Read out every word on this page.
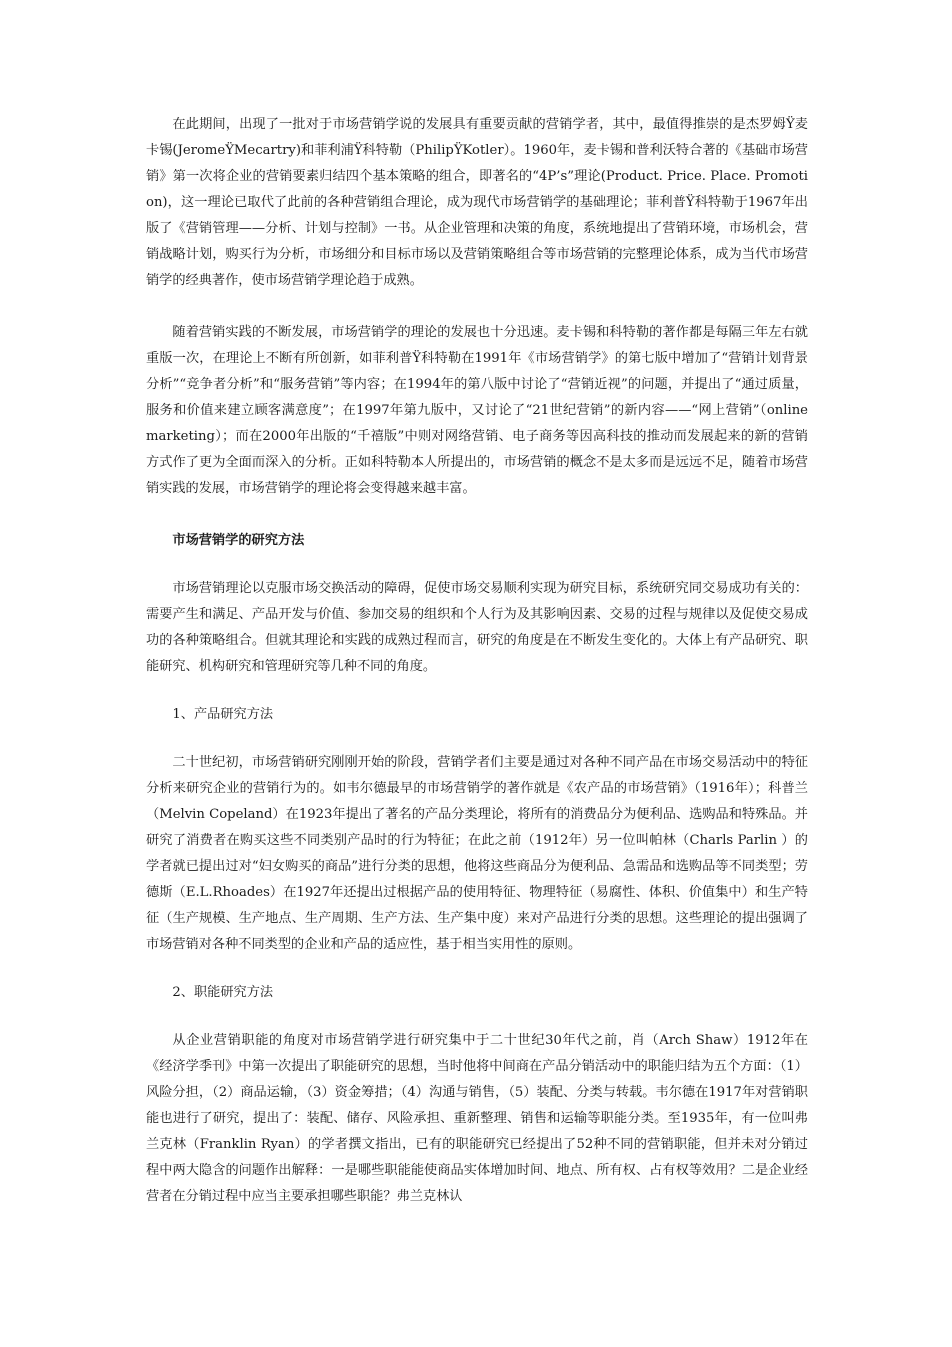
在此期间，出现了一批对于市场营销学说的发展具有重要贡献的营销学者，其中，最值得推崇的是杰罗姆Ÿ麦卡锡(JeromeŸMecartry)和菲利浦Ÿ科特勒（PhilipŸKotler）。1960年，麦卡锡和普利沃特合著的《基础市场营销》第一次将企业的营销要素归结四个基本策略的组合，即著名的“4P’s”理论(Product. Price. Place. Promotion)，这一理论已取代了此前的各种营销组合理论，成为现代市场营销学的基础理论；菲利普Ÿ科特勒于1967年出版了《营销管理——分析、计划与控制》一书。从企业管理和决策的角度，系统地提出了营销环境，市场机会，营销战略计划，购买行为分析，市场细分和目标市场以及营销策略组合等市场营销的完整理论体系，成为当代市场营销学的经典著作，使市场营销学理论趋于成熟。

随着营销实践的不断发展，市场营销学的理论的发展也十分迅速。麦卡锡和科特勒的著作都是每隔三年左右就重版一次，在理论上不断有所创新，如菲利普Ÿ科特勒在1991年《市场营销学》的第七版中增加了“营销计划背景分析”“竞争者分析”和“服务营销”等内容；在1994年的第八版中讨论了“营销近视”的问题，并提出了“通过质量，服务和价值来建立顾客满意度”；在1997年第九版中，又讨论了“21世纪营销”的新内容——“网上营销”（online marketing）；而在2000年出版的“千禧版”中则对网络营销、电子商务等因高科技的推动而发展起来的新的营销方式作了更为全面而深入的分析。正如科特勒本人所提出的，市场营销的概念不是太多而是远远不足，随着市场营销实践的发展，市场营销学的理论将会变得越来越丰富。

市场营销学的研究方法

市场营销理论以克服市场交换活动的障碍，促使市场交易顺利实现为研究目标，系统研究同交易成功有关的：需要产生和满足、产品开发与价值、参加交易的组织和个人行为及其影响因素、交易的过程与规律以及促使交易成功的各种策略组合。但就其理论和实践的成熟过程而言，研究的角度是在不断发生变化的。大体上有产品研究、职能研究、机构研究和管理研究等几种不同的角度。

1、产品研究方法

二十世纪初，市场营销研究刚刚开始的阶段，营销学者们主要是通过对各种不同产品在市场交易活动中的特征分析来研究企业的营销行为的。如韦尔德最早的市场营销学的著作就是《农产品的市场营销》（1916年）；科普兰（Melvin Copeland）在1923年提出了著名的产品分类理论，将所有的消费品分为便利品、选购品和特殊品。并研究了消费者在购买这些不同类别产品时的行为特征；在此之前（1912年）另一位叫帕林（Charls Parlin ）的学者就已提出过对“妇女购买的商品”进行分类的思想，他将这些商品分为便利品、急需品和选购品等不同类型；劳德斯（E.L.Rhoades）在1927年还提出过根据产品的使用特征、物理特征（易腐性、体积、价值集中）和生产特征（生产规模、生产地点、生产周期、生产方法、生产集中度）来对产品进行分类的思想。这些理论的提出强调了市场营销对各种不同类型的企业和产品的适应性，基于相当实用性的原则。

2、职能研究方法

从企业营销职能的角度对市场营销学进行研究集中于二十世纪30年代之前，肖（Arch Shaw）1912年在《经济学季刊》中第一次提出了职能研究的思想，当时他将中间商在产品分销活动中的职能归结为五个方面：（1）风险分担，（2）商品运输，（3）资金筹措；（4）沟通与销售，（5）装配、分类与转载。韦尔德在1917年对营销职能也进行了研究，提出了：装配、储存、风险承担、重新整理、销售和运输等职能分类。至1935年，有一位叫弗兰克林（Franklin Ryan）的学者撰文指出，已有的职能研究已经提出了52种不同的营销职能，但并未对分销过程中两大隐含的问题作出解释：一是哪些职能能使商品实体增加时间、地点、所有权、占有权等效用？二是企业经营者在分销过程中应当主要承担哪些职能？弗兰克林认
